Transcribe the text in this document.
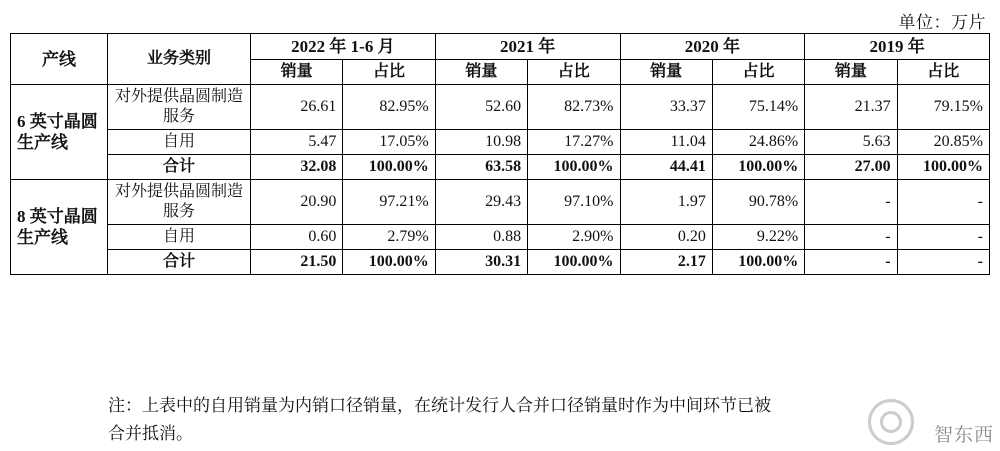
单位：万片
产线	业务类别	2022 年 1-6 月		2021 年		2020 年		2019 年	
		销量	占比	销量	占比	销量	占比	销量	占比
6 英寸晶圆生产线	对外提供晶圆制造服务	26.61	82.95%	52.60	82.73%	33.37	75.14%	21.37	79.15%
	自用	5.47	17.05%	10.98	17.27%	11.04	24.86%	5.63	20.85%
	合计	32.08	100.00%	63.58	100.00%	44.41	100.00%	27.00	100.00%
8 英寸晶圆生产线	对外提供晶圆制造服务	20.90	97.21%	29.43	97.10%	1.97	90.78%	-	-
	自用	0.60	2.79%	0.88	2.90%	0.20	9.22%	-	-
	合计	21.50	100.00%	30.31	100.00%	2.17	100.00%	-	-
注：上表中的自用销量为内销口径销量，在统计发行人合并口径销量时作为中间环节已被
合并抵消。	智东西
